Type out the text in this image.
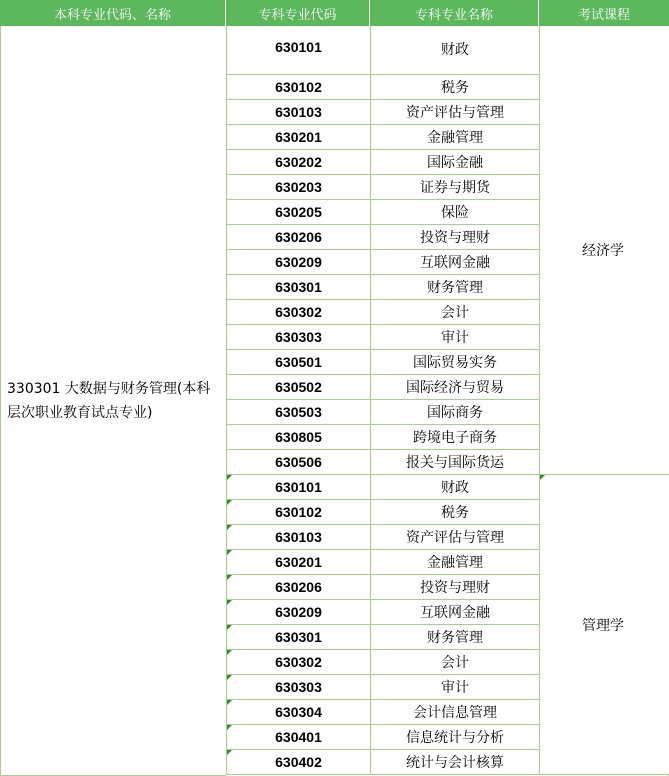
本科专业代码、名称	专科专业代码	专科专业名称	考试课程
330301 大数据与财务管理(本科层次职业教育试点专业)
630101	财政
630102	税务
630103	资产评估与管理
630201	金融管理
630202	国际金融
630203	证券与期货
630205	保险
630206	投资与理财
630209	互联网金融
630301	财务管理
630302	会计
630303	审计
630501	国际贸易实务
630502	国际经济与贸易
630503	国际商务
630805	跨境电子商务
630506	报关与国际货运
经济学
630101	财政
630102	税务
630103	资产评估与管理
630201	金融管理
630206	投资与理财
630209	互联网金融
630301	财务管理
630302	会计
630303	审计
630304	会计信息管理
630401	信息统计与分析
630402	统计与会计核算
管理学
